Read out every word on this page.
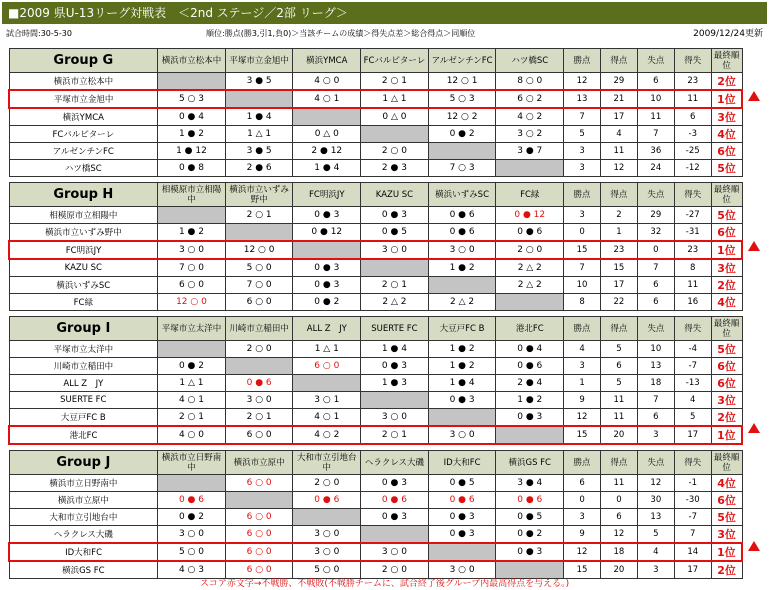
■2009 県U-13リーグ対戦表　＜2nd ステージ／2部 リーグ＞
試合時間:30-5-30	順位:勝点(勝3,引1,負0)＞当該チームの成績＞得失点差＞総合得点＞同順位	2009/12/24更新
Group G	横浜市立松本中	平塚市立金旭中	横浜YMCA	FCバルピターレ	アルゼンチンFC	ハツ橋SC	勝点	得点	失点	得失	最終順位
横浜市立松本中		3 ● 5	4 ○ 0	2 ○ 1	12 ○ 1	8 ○ 0	12	29	6	23	2位
平塚市立金旭中	5 ○ 3		4 ○ 1	1 △ 1	5 ○ 3	6 ○ 2	13	21	10	11	1位
横浜YMCA	0 ● 4	1 ● 4		0 △ 0	12 ○ 2	4 ○ 2	7	17	11	6	3位
FCバルピターレ	1 ● 2	1 △ 1	0 △ 0		0 ● 2	3 ○ 2	5	4	7	-3	4位
アルゼンチンFC	1 ● 12	3 ● 5	2 ● 12	2 ○ 0		3 ● 7	3	11	36	-25	6位
ハツ橋SC	0 ● 8	2 ● 6	1 ● 4	2 ● 3	7 ○ 3		3	12	24	-12	5位
Group H	相模原市立相陽中	横浜市立いずみ野中	FC明浜JY	KAZU SC	横浜いずみSC	FC緑	勝点	得点	失点	得失	最終順位
相模原市立相陽中		2 ○ 1	0 ● 3	0 ● 3	0 ● 6	0 ● 12	3	2	29	-27	5位
横浜市立いずみ野中	1 ● 2		0 ● 12	0 ● 5	0 ● 6	0 ● 6	0	1	32	-31	6位
FC明浜JY	3 ○ 0	12 ○ 0		3 ○ 0	3 ○ 0	2 ○ 0	15	23	0	23	1位
KAZU SC	7 ○ 0	5 ○ 0	0 ● 3		1 ● 2	2 △ 2	7	15	7	8	3位
横浜いずみSC	6 ○ 0	7 ○ 0	0 ● 3	2 ○ 1		2 △ 2	10	17	6	11	2位
FC緑	12 ○ 0	6 ○ 0	0 ● 2	2 △ 2	2 △ 2		8	22	6	16	4位
Group I	平塚市立太洋中	川崎市立稲田中	ALL Z　JY	SUERTE FC	大豆戸FC B	港北FC	勝点	得点	失点	得失	最終順位
平塚市立太洋中		2 ○ 0	1 △ 1	1 ● 4	1 ● 2	0 ● 4	4	5	10	-4	5位
川崎市立稲田中	0 ● 2		6 ○ 0	0 ● 3	1 ● 2	0 ● 6	3	6	13	-7	6位
ALL Z　JY	1 △ 1	0 ● 6		1 ● 3	1 ● 4	2 ● 4	1	5	18	-13	6位
SUERTE FC	4 ○ 1	3 ○ 0	3 ○ 1		0 ● 3	1 ● 2	9	11	7	4	3位
大豆戸FC B	2 ○ 1	2 ○ 1	4 ○ 1	3 ○ 0		0 ● 3	12	11	6	5	2位
港北FC	4 ○ 0	6 ○ 0	4 ○ 2	2 ○ 1	3 ○ 0		15	20	3	17	1位
Group J	横浜市立日野南中	横浜市立原中	大和市立引地台中	ヘラクレス大磯	ID大和FC	横浜GS FC	勝点	得点	失点	得失	最終順位
横浜市立日野南中		6 ○ 0	2 ○ 0	0 ● 3	0 ● 5	3 ● 4	6	11	12	-1	4位
横浜市立原中	0 ● 6		0 ● 6	0 ● 6	0 ● 6	0 ● 6	0	0	30	-30	6位
大和市立引地台中	0 ● 2	6 ○ 0		0 ● 3	0 ● 3	0 ● 5	3	6	13	-7	5位
ヘラクレス大磯	3 ○ 0	6 ○ 0	3 ○ 0		0 ● 3	0 ● 2	9	12	5	7	3位
ID大和FC	5 ○ 0	6 ○ 0	3 ○ 0	3 ○ 0		0 ● 3	12	18	4	14	1位
横浜GS FC	4 ○ 3	6 ○ 0	5 ○ 0	2 ○ 0	3 ○ 0		15	20	3	17	2位
スコア赤文字→不戦勝、不戦敗(不戦勝チームに、試合終了後グループ内最高得点を与える。)
